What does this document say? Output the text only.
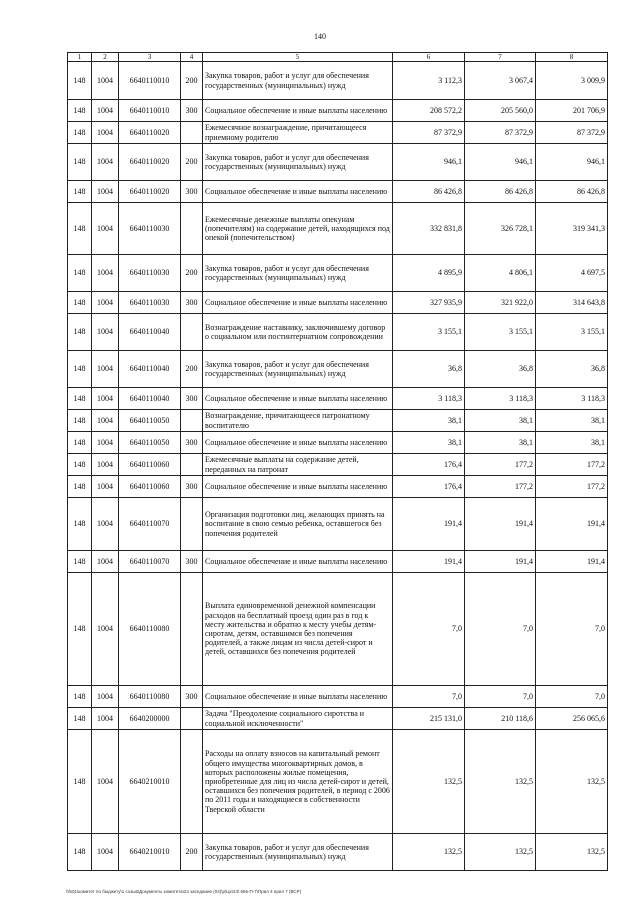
140
1	2	3	4	5	6	7	8
148	1004	6640110010	200	Закупка товаров, работ и услуг для обеспечения государственных (муниципальных) нужд	3 112,3	3 067,4	3 009,9
148	1004	6640110010	300	Социальное обеспечение и иные выплаты населению	208 572,2	205 560,0	201 706,9
148	1004	6640110020		Ежемесячное вознаграждение, причитающееся приемному родителю	87 372,9	87 372,9	87 372,9
148	1004	6640110020	200	Закупка товаров, работ и услуг для обеспечения государственных (муниципальных) нужд	946,1	946,1	946,1
148	1004	6640110020	300	Социальное обеспечение и иные выплаты населению	86 426,8	86 426,8	86 426,8
148	1004	6640110030		Ежемесячные денежные выплаты опекунам (попечителям) на содержание детей, находящихся под опекой (попечительством)	332 831,8	326 728,1	319 341,3
148	1004	6640110030	200	Закупка товаров, работ и услуг для обеспечения государственных (муниципальных) нужд	4 895,9	4 806,1	4 697,5
148	1004	6640110030	300	Социальное обеспечение и иные выплаты населению	327 935,9	321 922,0	314 643,8
148	1004	6640110040		Вознаграждение наставнику, заключившему договор о социальном или постинтернатном сопровождении	3 155,1	3 155,1	3 155,1
148	1004	6640110040	200	Закупка товаров, работ и услуг для обеспечения государственных (муниципальных) нужд	36,8	36,8	36,8
148	1004	6640110040	300	Социальное обеспечение и иные выплаты населению	3 118,3	3 118,3	3 118,3
148	1004	6640110050		Вознаграждение, причитающееся патронатному воспитателю	38,1	38,1	38,1
148	1004	6640110050	300	Социальное обеспечение и иные выплаты населению	38,1	38,1	38,1
148	1004	6640110060		Ежемесячные выплаты на содержание детей, переданных на патронат	176,4	177,2	177,2
148	1004	6640110060	300	Социальное обеспечение и иные выплаты населению	176,4	177,2	177,2
148	1004	6640110070		Организация подготовки лиц, желающих принять на воспитание в свою семью ребенка, оставшегося без попечения родителей	191,4	191,4	191,4
148	1004	6640110070	300	Социальное обеспечение и иные выплаты населению	191,4	191,4	191,4
148	1004	6640110080		Выплата единовременной денежной компенсации расходов на бесплатный проезд один раз в год к месту жительства и обратно к месту учебы детям-сиротам, детям, оставшимся без попечения родителей, а также лицам из числа детей-сирот и детей, оставшихся без попечения родителей	7,0	7,0	7,0
148	1004	6640110080	300	Социальное обеспечение и иные выплаты населению	7,0	7,0	7,0
148	1004	6640200000		Задача "Преодоление социального сиротства и социальной исключенности"	215 131,0	210 118,6	256 065,6
148	1004	6640210010		Расходы на оплату взносов на капитальный ремонт общего имущества многоквартирных домов, в которых расположены жилые помещения, приобретенные для лиц из числа детей-сирот и детей, оставшихся без попечения родителей, в период с 2006 по 2011 годы и находящиеся в собственности Тверской области	132,5	132,5	132,5
148	1004	6640210010	200	Закупка товаров, работ и услуг для обеспечения государственных (муниципальных) нужд	132,5	132,5	132,5
\\fs01\комитет по бюджету\1 созыв\Документы комитета\24 заседание (04)\р\Цх\24\ 666-П-7\Прил 4 прил 7 (ВСР)
